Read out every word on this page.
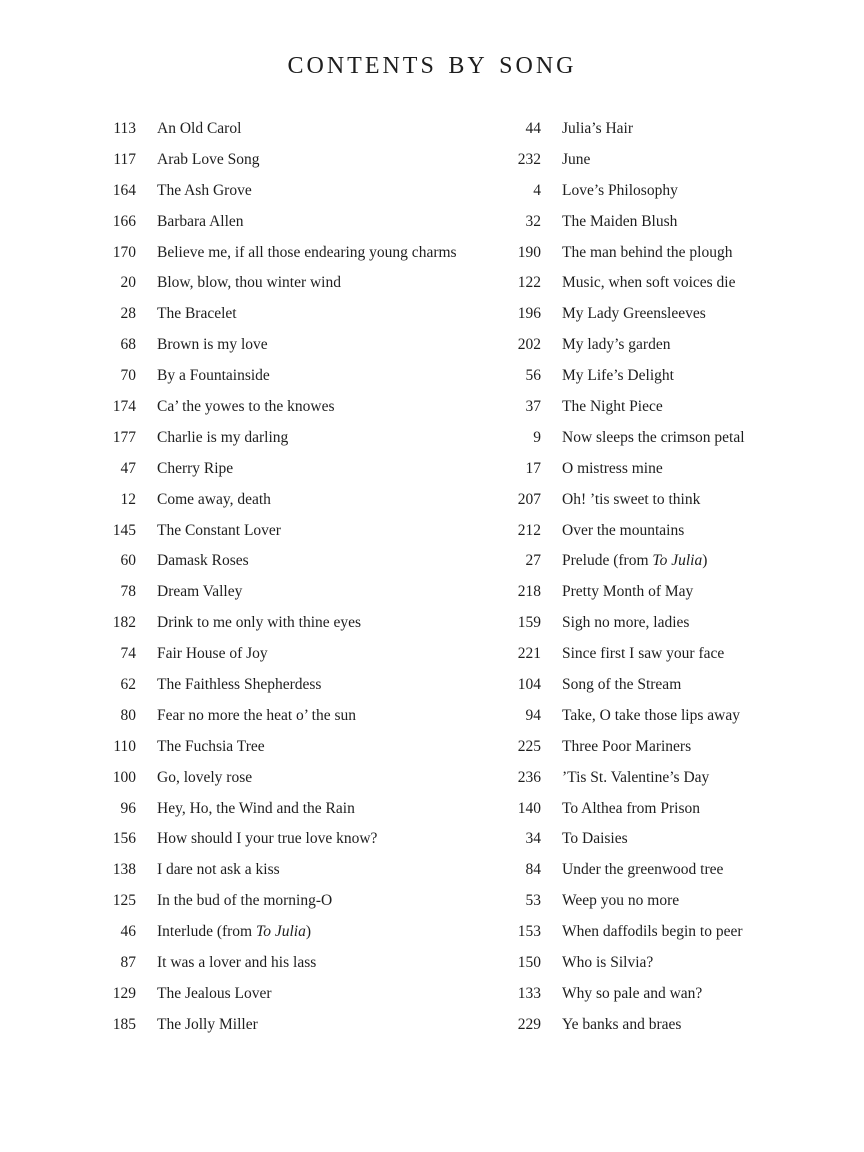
contents by song
113 An Old Carol
117 Arab Love Song
164 The Ash Grove
166 Barbara Allen
170 Believe me, if all those endearing young charms
20 Blow, blow, thou winter wind
28 The Bracelet
68 Brown is my love
70 By a Fountainside
174 Ca’ the yowes to the knowes
177 Charlie is my darling
47 Cherry Ripe
12 Come away, death
145 The Constant Lover
60 Damask Roses
78 Dream Valley
182 Drink to me only with thine eyes
74 Fair House of Joy
62 The Faithless Shepherdess
80 Fear no more the heat o’ the sun
110 The Fuchsia Tree
100 Go, lovely rose
96 Hey, Ho, the Wind and the Rain
156 How should I your true love know?
138 I dare not ask a kiss
125 In the bud of the morning-O
46 Interlude (from To Julia)
87 It was a lover and his lass
129 The Jealous Lover
185 The Jolly Miller
44 Julia’s Hair
232 June
4 Love’s Philosophy
32 The Maiden Blush
190 The man behind the plough
122 Music, when soft voices die
196 My Lady Greensleeves
202 My lady’s garden
56 My Life’s Delight
37 The Night Piece
9 Now sleeps the crimson petal
17 O mistress mine
207 Oh! ’tis sweet to think
212 Over the mountains
27 Prelude (from To Julia)
218 Pretty Month of May
159 Sigh no more, ladies
221 Since first I saw your face
104 Song of the Stream
94 Take, O take those lips away
225 Three Poor Mariners
236 ’Tis St. Valentine’s Day
140 To Althea from Prison
34 To Daisies
84 Under the greenwood tree
53 Weep you no more
153 When daffodils begin to peer
150 Who is Silvia?
133 Why so pale and wan?
229 Ye banks and braes
